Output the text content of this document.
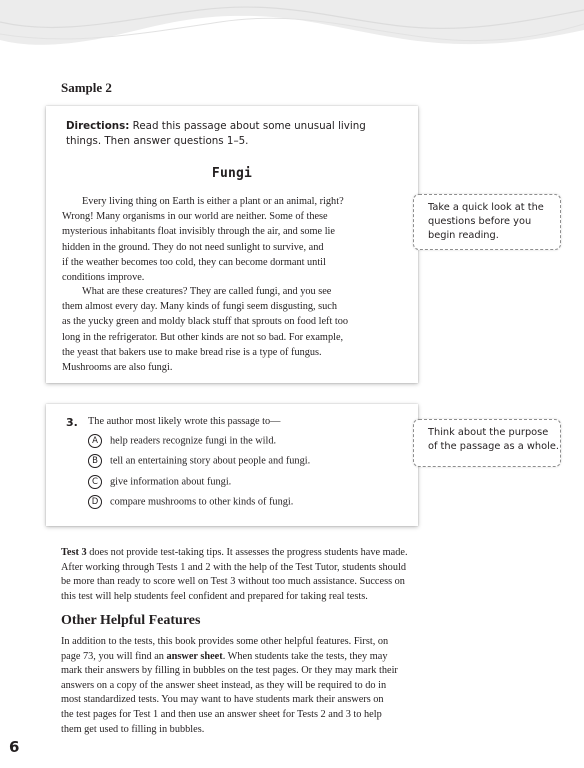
Sample 2
Directions: Read this passage about some unusual living
things. Then answer questions 1–5.
Fungi

Every living thing on Earth is either a plant or an animal, right?
Wrong! Many organisms in our world are neither. Some of these
mysterious inhabitants float invisibly through the air, and some lie
hidden in the ground. They do not need sunlight to survive, and
if the weather becomes too cold, they can become dormant until
conditions improve.

What are these creatures? They are called fungi, and you see
them almost every day. Many kinds of fungi seem disgusting, such
as the yucky green and moldy black stuff that sprouts on food left too
long in the refrigerator. But other kinds are not so bad. For example,
the yeast that bakers use to make bread rise is a type of fungus.
Mushrooms are also fungi.

Take a quick look at the
questions before you
begin reading.
3. The author most likely wrote this passage to—
A help readers recognize fungi in the wild.
B tell an entertaining story about people and fungi.
C give information about fungi.
D compare mushrooms to other kinds of fungi.
Think about the purpose
of the passage as a whole.
Test 3 does not provide test-taking tips. It assesses the progress students have made.
After working through Tests 1 and 2 with the help of the Test Tutor, students should
be more than ready to score well on Test 3 without too much assistance. Success on
this test will help students feel confident and prepared for taking real tests.
Other Helpful Features
In addition to the tests, this book provides some other helpful features. First, on
page 73, you will find an answer sheet. When students take the tests, they may
mark their answers by filling in bubbles on the test pages. Or they may mark their
answers on a copy of the answer sheet instead, as they will be required to do in
most standardized tests. You may want to have students mark their answers on
the test pages for Test 1 and then use an answer sheet for Tests 2 and 3 to help
them get used to filling in bubbles.
6
